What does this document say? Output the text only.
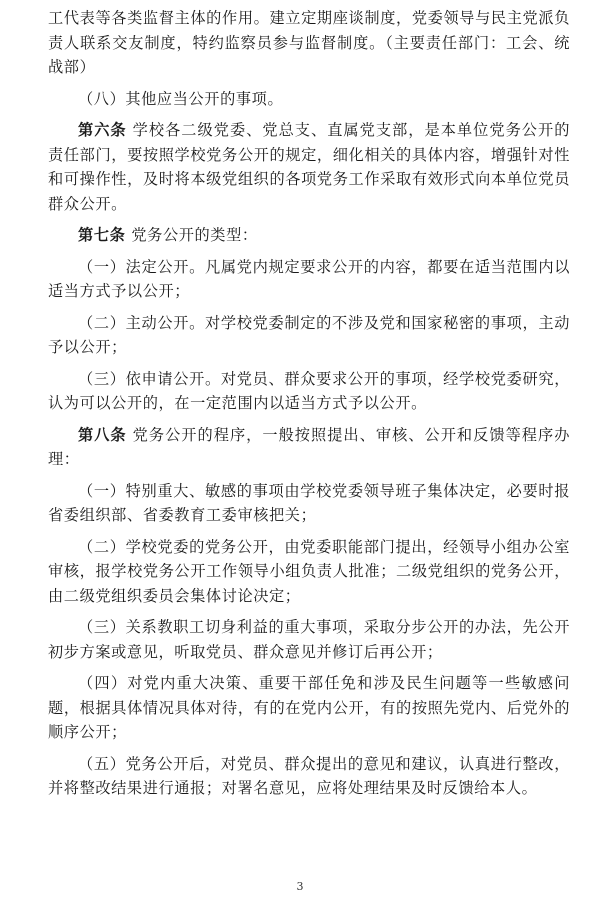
工代表等各类监督主体的作用。建立定期座谈制度，党委领导与民主党派负责人联系交友制度，特约监察员参与监督制度。（主要责任部门：工会、统战部）

（八）其他应当公开的事项。

第六条 学校各二级党委、党总支、直属党支部，是本单位党务公开的责任部门，要按照学校党务公开的规定，细化相关的具体内容，增强针对性和可操作性，及时将本级党组织的各项党务工作采取有效形式向本单位党员群众公开。

第七条 党务公开的类型：

（一）法定公开。凡属党内规定要求公开的内容，都要在适当范围内以适当方式予以公开；

（二）主动公开。对学校党委制定的不涉及党和国家秘密的事项，主动予以公开；

（三）依申请公开。对党员、群众要求公开的事项，经学校党委研究，认为可以公开的，在一定范围内以适当方式予以公开。

第八条 党务公开的程序，一般按照提出、审核、公开和反馈等程序办理：

（一）特别重大、敏感的事项由学校党委领导班子集体决定，必要时报省委组织部、省委教育工委审核把关；

（二）学校党委的党务公开，由党委职能部门提出，经领导小组办公室审核，报学校党务公开工作领导小组负责人批准；二级党组织的党务公开，由二级党组织委员会集体讨论决定；

（三）关系教职工切身利益的重大事项，采取分步公开的办法，先公开初步方案或意见，听取党员、群众意见并修订后再公开；

（四）对党内重大决策、重要干部任免和涉及民生问题等一些敏感问题，根据具体情况具体对待，有的在党内公开，有的按照先党内、后党外的顺序公开；

（五）党务公开后，对党员、群众提出的意见和建议，认真进行整改，并将整改结果进行通报；对署名意见，应将处理结果及时反馈给本人。

3
